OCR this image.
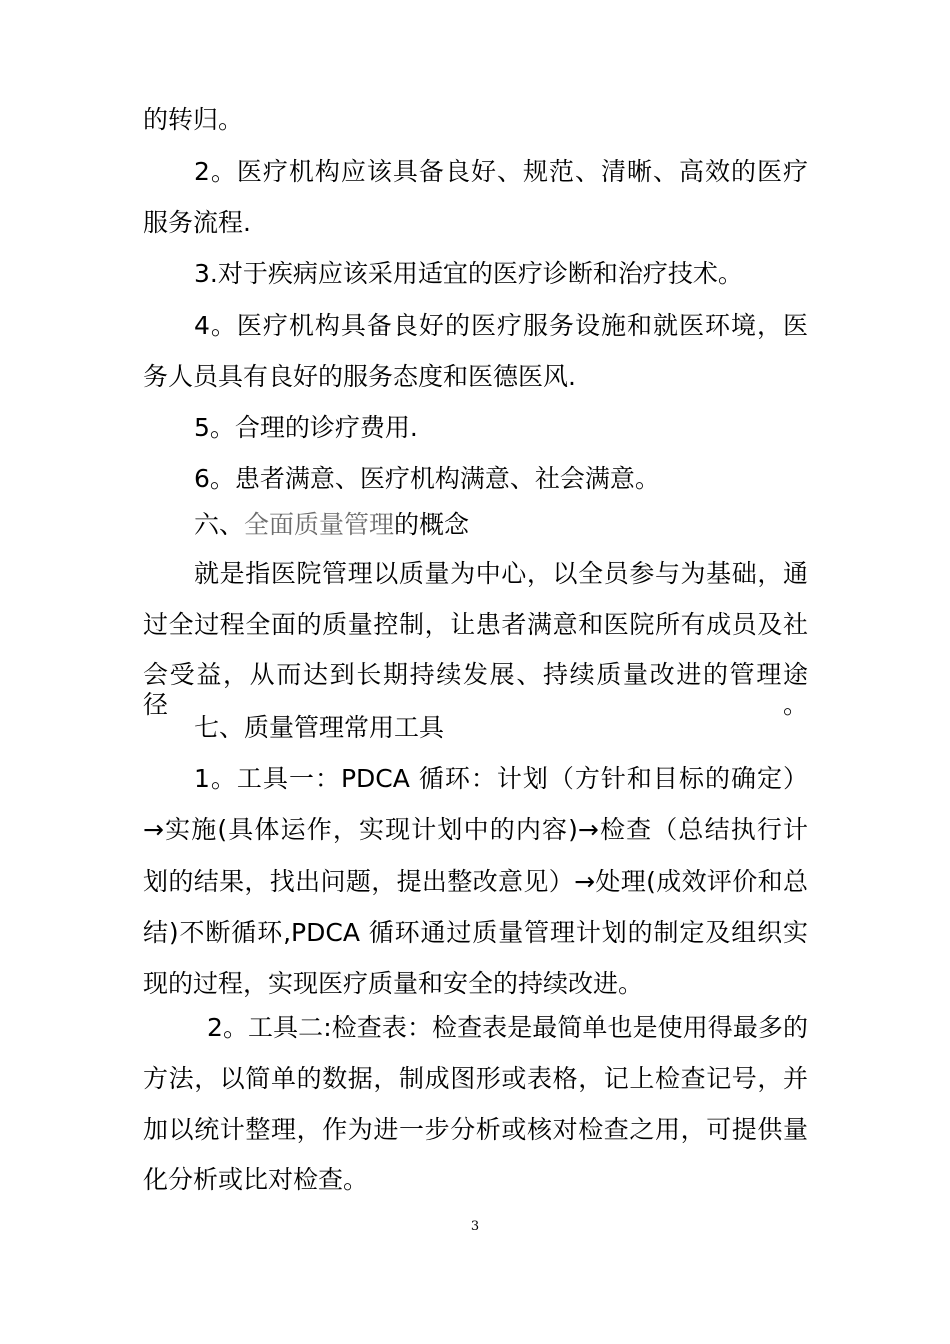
的转归。
2。医疗机构应该具备良好、规范、清晰、高效的医疗
服务流程.
3.对于疾病应该采用适宜的医疗诊断和治疗技术。
4。医疗机构具备良好的医疗服务设施和就医环境，医
务人员具有良好的服务态度和医德医风.
5。合理的诊疗费用.
6。患者满意、医疗机构满意、社会满意。
六、全面质量管理的概念
就是指医院管理以质量为中心，以全员参与为基础，通
过全过程全面的质量控制，让患者满意和医院所有成员及社
会受益，从而达到长期持续发展、持续质量改进的管理途径。
七、质量管理常用工具
1。工具一：PDCA 循环：计划（方针和目标的确定）
→实施(具体运作，实现计划中的内容)→检查（总结执行计
划的结果，找出问题，提出整改意见）→处理(成效评价和总
结)不断循环,PDCA 循环通过质量管理计划的制定及组织实
现的过程，实现医疗质量和安全的持续改进。
2。工具二:检查表：检查表是最简单也是使用得最多的
方法，以简单的数据，制成图形或表格，记上检查记号，并
加以统计整理，作为进一步分析或核对检查之用，可提供量
化分析或比对检查。
3
